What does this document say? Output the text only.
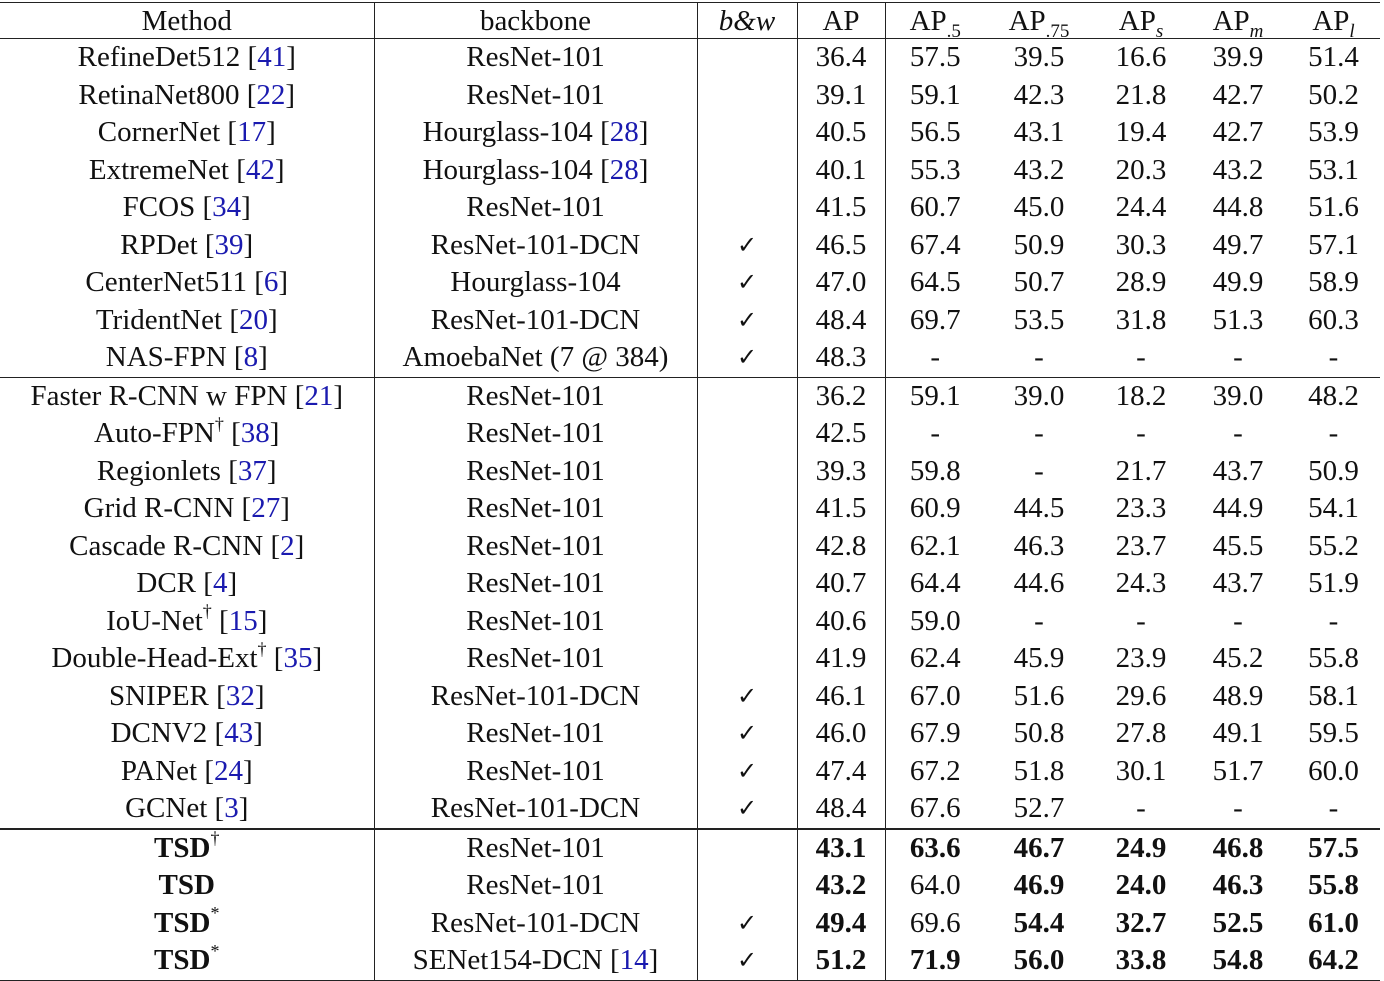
Method	backbone	b&w	AP	$AP_{.5}$	$AP_{.75}$	$AP_s$	$AP_m$	$AP_l$
RefineDet512 [41]	ResNet-101		36.4	57.5	39.5	16.6	39.9	51.4
RetinaNet800 [22]	ResNet-101		39.1	59.1	42.3	21.8	42.7	50.2
CornerNet [17]	Hourglass-104 [28]		40.5	56.5	43.1	19.4	42.7	53.9
ExtremeNet [42]	Hourglass-104 [28]		40.1	55.3	43.2	20.3	43.2	53.1
FCOS [34]	ResNet-101		41.5	60.7	45.0	24.4	44.8	51.6
RPDet [39]	ResNet-101-DCN	✓	46.5	67.4	50.9	30.3	49.7	57.1
CenterNet511 [6]	Hourglass-104	✓	47.0	64.5	50.7	28.9	49.9	58.9
TridentNet [20]	ResNet-101-DCN	✓	48.4	69.7	53.5	31.8	51.3	60.3
NAS-FPN [8]	AmoebaNet (7 @ 384)	✓	48.3	-	-	-	-	-
Faster R-CNN w FPN [21]	ResNet-101		36.2	59.1	39.0	18.2	39.0	48.2
Auto-FPN† [38]	ResNet-101		42.5	-	-	-	-	-
Regionlets [37]	ResNet-101		39.3	59.8	-	21.7	43.7	50.9
Grid R-CNN [27]	ResNet-101		41.5	60.9	44.5	23.3	44.9	54.1
Cascade R-CNN [2]	ResNet-101		42.8	62.1	46.3	23.7	45.5	55.2
DCR [4]	ResNet-101		40.7	64.4	44.6	24.3	43.7	51.9
IoU-Net† [15]	ResNet-101		40.6	59.0	-	-	-	-
Double-Head-Ext† [35]	ResNet-101		41.9	62.4	45.9	23.9	45.2	55.8
SNIPER [32]	ResNet-101-DCN	✓	46.1	67.0	51.6	29.6	48.9	58.1
DCNV2 [43]	ResNet-101	✓	46.0	67.9	50.8	27.8	49.1	59.5
PANet [24]	ResNet-101	✓	47.4	67.2	51.8	30.1	51.7	60.0
GCNet [3]	ResNet-101-DCN	✓	48.4	67.6	52.7	-	-	-
TSD†	ResNet-101		43.1	63.6	46.7	24.9	46.8	57.5
TSD	ResNet-101		43.2	64.0	46.9	24.0	46.3	55.8
TSD*	ResNet-101-DCN	✓	49.4	69.6	54.4	32.7	52.5	61.0
TSD*	SENet154-DCN [14]	✓	51.2	71.9	56.0	33.8	54.8	64.2
